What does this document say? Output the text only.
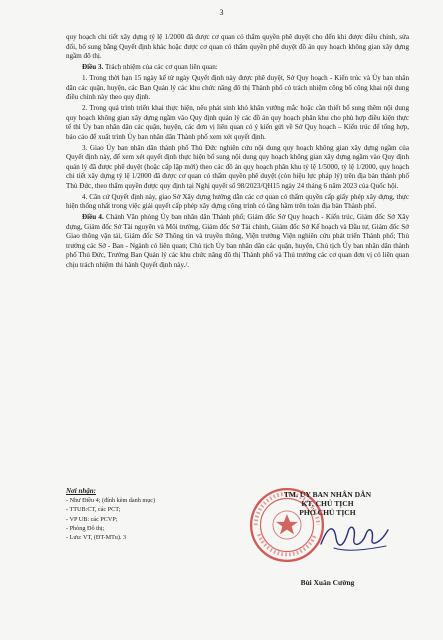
3

quy hoạch chi tiết xây dựng tỷ lệ 1/2000 đã được cơ quan có thẩm quyền phê duyệt cho đến khi được điều chỉnh, sửa đổi, bổ sung bằng Quyết định khác hoặc được cơ quan có thẩm quyền phê duyệt đồ án quy hoạch không gian xây dựng ngầm đô thị.

Điều 3. Trách nhiệm của các cơ quan liên quan:

1. Trong thời hạn 15 ngày kể từ ngày Quyết định này được phê duyệt, Sở Quy hoạch - Kiến trúc và Ủy ban nhân dân các quận, huyện, các Ban Quản lý các khu chức năng đô thị Thành phố có trách nhiệm công bố công khai nội dung điều chỉnh này theo quy định.

2. Trong quá trình triển khai thực hiện, nếu phát sinh khó khăn vướng mắc hoặc cần thiết bổ sung thêm nội dung quy hoạch không gian xây dựng ngầm vào Quy định quản lý các đồ án quy hoạch phân khu cho phù hợp điều kiện thực tế thì Ủy ban nhân dân các quận, huyện, các đơn vị liên quan có ý kiến gửi về Sở Quy hoạch – Kiến trúc để tổng hợp, báo cáo để xuất trình Ủy ban nhân dân Thành phố xem xét quyết định.

3. Giao Ủy ban nhân dân thành phố Thủ Đức nghiên cứu nội dung quy hoạch không gian xây dựng ngầm của Quyết định này, để xem xét quyết định thực hiện bổ sung nội dung quy hoạch không gian xây dựng ngầm vào Quy định quản lý đã được phê duyệt (hoặc cấp lập mới) theo các đồ án quy hoạch phân khu tỷ lệ 1/5000, tỷ lệ 1/2000, quy hoạch chi tiết xây dựng tỷ lệ 1/2000 đã được cơ quan có thẩm quyền phê duyệt (còn hiệu lực pháp lý) trên địa bàn thành phố Thủ Đức, theo thẩm quyền được quy định tại Nghị quyết số 98/2023/QH15 ngày 24 tháng 6 năm 2023 của Quốc hội.

4. Căn cứ Quyết định này, giao Sở Xây dựng hướng dẫn các cơ quan có thẩm quyền cấp giấy phép xây dựng, thực hiện thống nhất trong việc giải quyết cấp phép xây dựng công trình có tầng hầm trên toàn địa bàn Thành phố.

Điều 4. Chánh Văn phòng Ủy ban nhân dân Thành phố; Giám đốc Sở Quy hoạch - Kiến trúc, Giám đốc Sở Xây dựng, Giám đốc Sở Tài nguyên và Môi trường, Giám đốc Sở Tài chính, Giám đốc Sở Kế hoạch và Đầu tư, Giám đốc Sở Giao thông vận tải, Giám đốc Sở Thông tin và truyền thông, Viện trưởng Viện nghiên cứu phát triển Thành phố; Thủ trưởng các Sở - Ban - Ngành có liên quan; Chủ tịch Ủy ban nhân dân các quận, huyện, Chủ tịch Ủy ban nhân dân thành phố Thủ Đức, Trưởng Ban Quản lý các khu chức năng đô thị Thành phố và Thủ trưởng các cơ quan đơn vị có liên quan chịu trách nhiệm thi hành Quyết định này./.

Nơi nhận:
- Như Điều 4; (đính kèm danh mục)
- TTUB:CT, các PCT;
- VP UB: các PCVP;
- Phòng Đô thị;
- Lưu: VT, (ĐT-MTu). 3
TM. ỦY BAN NHÂN DÂN
KT. CHỦ TỊCH
PHÓ CHỦ TỊCH
Bùi Xuân Cường
